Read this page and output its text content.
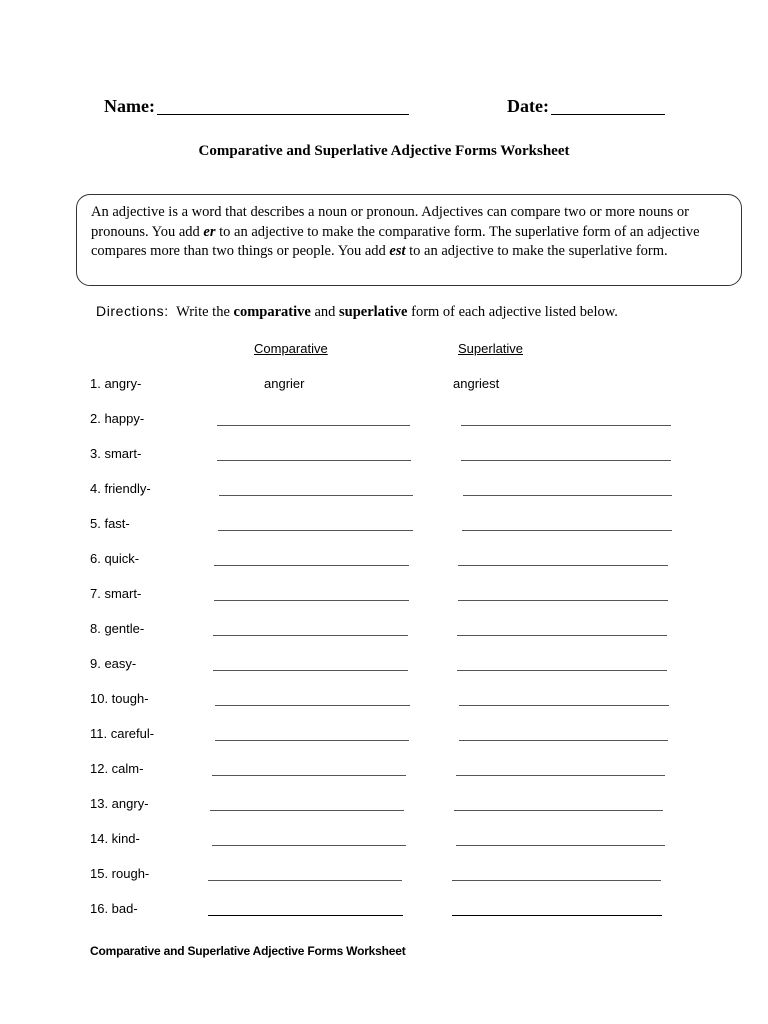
Name:	Date:
Comparative and Superlative Adjective Forms Worksheet
An adjective is a word that describes a noun or pronoun. Adjectives can compare two or more nouns or pronouns. You add er to an adjective to make the comparative form. The superlative form of an adjective compares more than two things or people. You add est to an adjective to make the superlative form.
Directions: Write the comparative and superlative form of each adjective listed below.
Comparative	Superlative
1. angry-	angrier	angriest
2. happy-
3. smart-
4. friendly-
5. fast-
6. quick-
7. smart-
8. gentle-
9. easy-
10. tough-
11. careful-
12. calm-
13. angry-
14. kind-
15. rough-
16. bad-
Comparative and Superlative Adjective Forms Worksheet
